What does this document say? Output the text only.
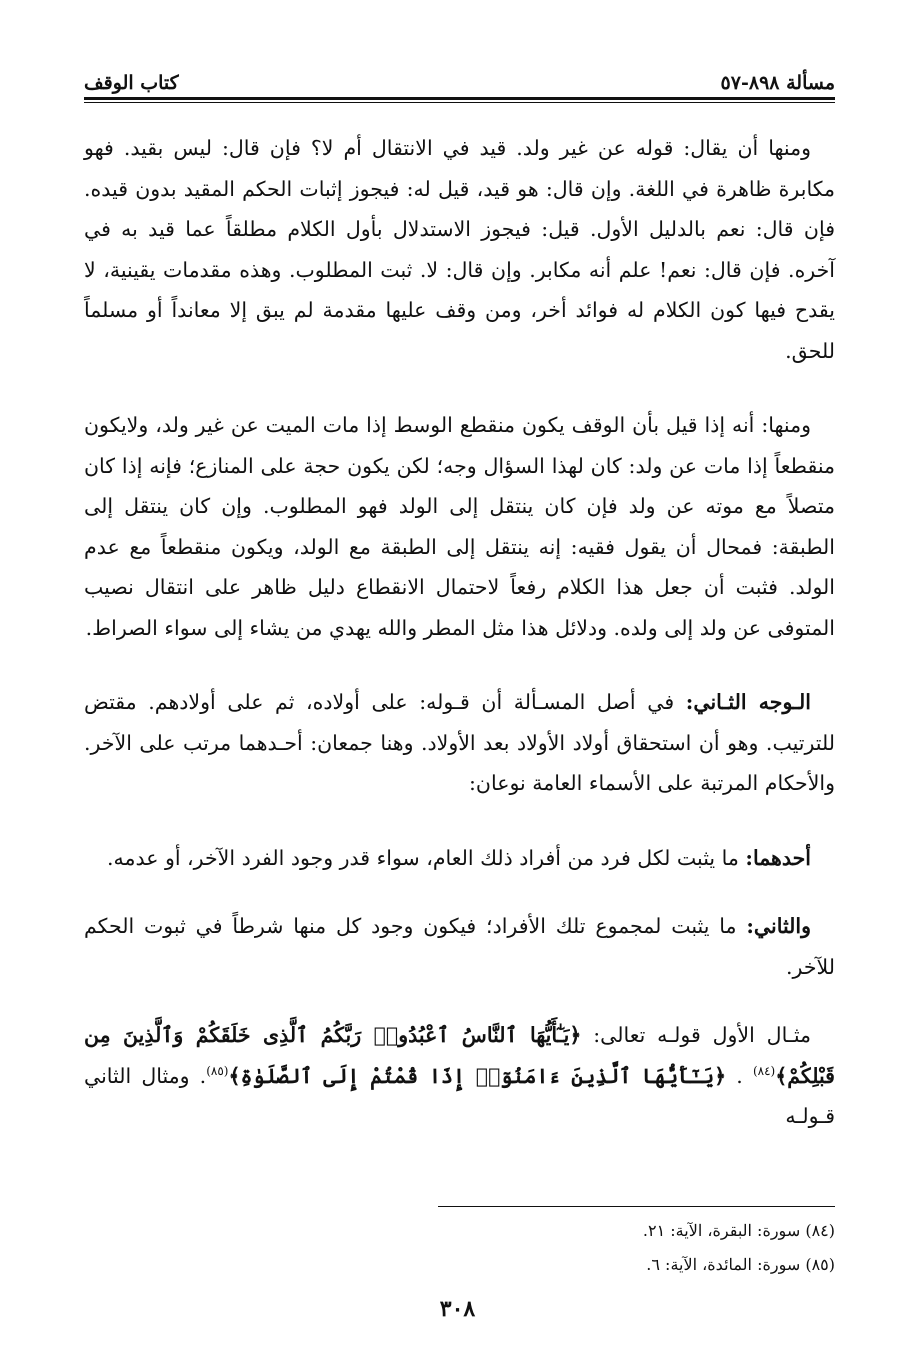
مسألة ٨٩٨-٥٧
كتاب الوقف

ومنها أن يقال: قوله عن غير ولد. قيد في الانتقال أم لا؟ فإن قال: ليس بقيد. فهو مكابرة ظاهرة في اللغة. وإن قال: هو قيد، قيل له: فيجوز إثبات الحكم المقيد بدون قيده. فإن قال: نعم بالدليل الأول. قيل: فيجوز الاستدلال بأول الكلام مطلقاً عما قيد به في آخره. فإن قال: نعم! علم أنه مكابر. وإن قال: لا. ثبت المطلوب. وهذه مقدمات يقينية، لا يقدح فيها كون الكلام له فوائد أخر، ومن وقف عليها مقدمة لم يبق إلا معانداً أو مسلماً للحق.

ومنها: أنه إذا قيل بأن الوقف يكون منقطع الوسط إذا مات الميت عن غير ولد، ولايكون منقطعاً إذا مات عن ولد: كان لهذا السؤال وجه؛ لكن يكون حجة على المنازع؛ فإنه إذا كان متصلاً مع موته عن ولد فإن كان ينتقل إلى الولد فهو المطلوب. وإن كان ينتقل إلى الطبقة: فمحال أن يقول فقيه: إنه ينتقل إلى الطبقة مع الولد، ويكون منقطعاً مع عدم الولد. فثبت أن جعل هذا الكلام رفعاً لاحتمال الانقطاع دليل ظاهر على انتقال نصيب المتوفى عن ولد إلى ولده. ودلائل هذا مثل المطر والله يهدي من يشاء إلى سواء الصراط.

الـوجه الثـاني: في أصل المسـألة أن قـوله: على أولاده، ثم على أولادهم. مقتض للترتيب. وهو أن استحقاق أولاد الأولاد بعد الأولاد. وهنا جمعان: أحـدهما مرتب على الآخر. والأحكام المرتبة على الأسماء العامة نوعان:

أحدهما: ما يثبت لكل فرد من أفراد ذلك العام، سواء قدر وجود الفرد الآخر، أو عدمه.

والثاني: ما يثبت لمجموع تلك الأفراد؛ فيكون وجود كل منها شرطاً في ثبوت الحكم للآخر.

مثـال الأول قولـه تعالى: ﴿يَـٰٓأَيُّهَا ٱلنَّاسُ ٱعْبُدُوا۟ رَبَّكُمُ ٱلَّذِى خَلَقَكُمْ وَٱلَّذِينَ مِن قَبْلِكُمْ﴾$^{(٨٤)}$ . ﴿يَـٰٓأَيُّهَا ٱلَّذِينَ ءَامَنُوٓا۟ إِذَا قُمْتُمْ إِلَى ٱلصَّلَوٰةِ﴾$^{(٨٥)}$. ومثال الثاني قـولـه

(٨٤) سورة: البقرة، الآية: ٢١.

(٨٥) سورة: المائدة، الآية: ٦.

٣٠٨
